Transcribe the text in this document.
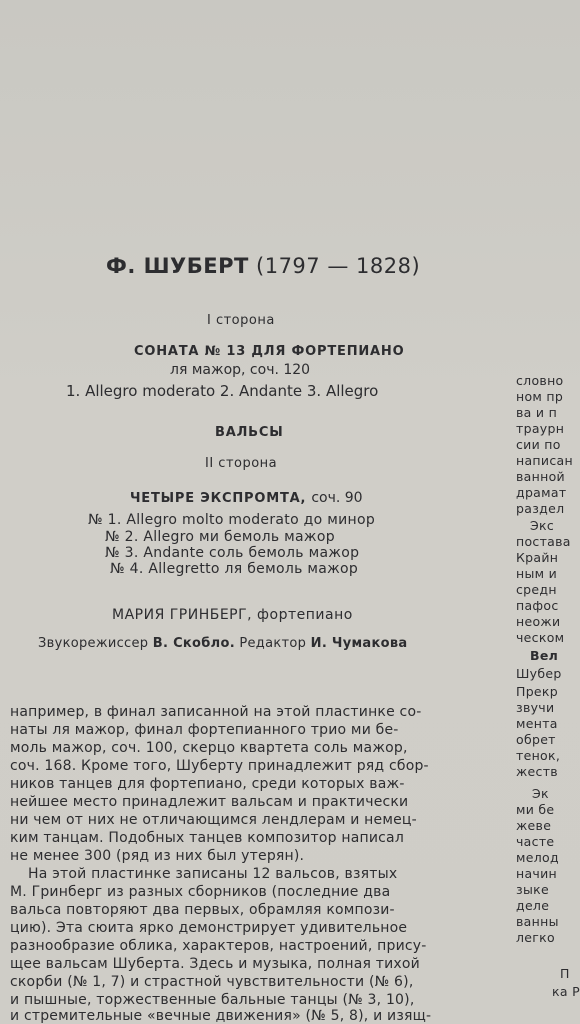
Ф. ШУБЕРТ (1797 — 1828)
I сторона
СОНАТА № 13 ДЛЯ ФОРТЕПИАНО
ля мажор, соч. 120
1. Allegro moderato 2. Andante 3. Allegro
ВАЛЬСЫ
II сторона
ЧЕТЫРЕ ЭКСПРОМТА, соч. 90
№ 1. Allegro molto moderato до минор
№ 2. Allegro ми бемоль мажор
№ 3. Andante соль бемоль мажор
№ 4. Allegretto ля бемоль мажор
МАРИЯ ГРИНБЕРГ, фортепиано
Звукорежиссер В. Скобло. Редактор И. Чумакова
например, в финал записанной на этой пластинке со-
наты ля мажор, финал фортепианного трио ми бе-
моль мажор, соч. 100, скерцо квартета соль мажор,
соч. 168. Кроме того, Шуберту принадлежит ряд сбор-
ников танцев для фортепиано, среди которых важ-
нейшее место принадлежит вальсам и практически
ни чем от них не отличающимся лендлерам и немец-
ким танцам. Подобных танцев композитор написал
не менее 300 (ряд из них был утерян).
На этой пластинке записаны 12 вальсов, взятых
М. Гринберг из разных сборников (последние два
вальса повторяют два первых, обрамляя компози-
цию). Эта сюита ярко демонстрирует удивительное
разнообразие облика, характеров, настроений, прису-
щее вальсам Шуберта. Здесь и музыка, полная тихой
скорби (№ 1, 7) и страстной чувствительности (№ 6),
и пышные, торжественные бальные танцы (№ 3, 10),
и стремительные «вечные движения» (№ 5, 8), и изящ-
словно
ном пр
ва и п
траурн
сии по
написан
ванной
драмат
раздел
Экс
постава
Крайн
ным и
средн
пафос
неожи
ческом
Вел
Шубер
Прекр
звучи
мента
обрет
тенок,
жеств
Эк
ми бе
жеве
частe
мелод
начин
зыке
деле
ванны
легко
П
ка Р
